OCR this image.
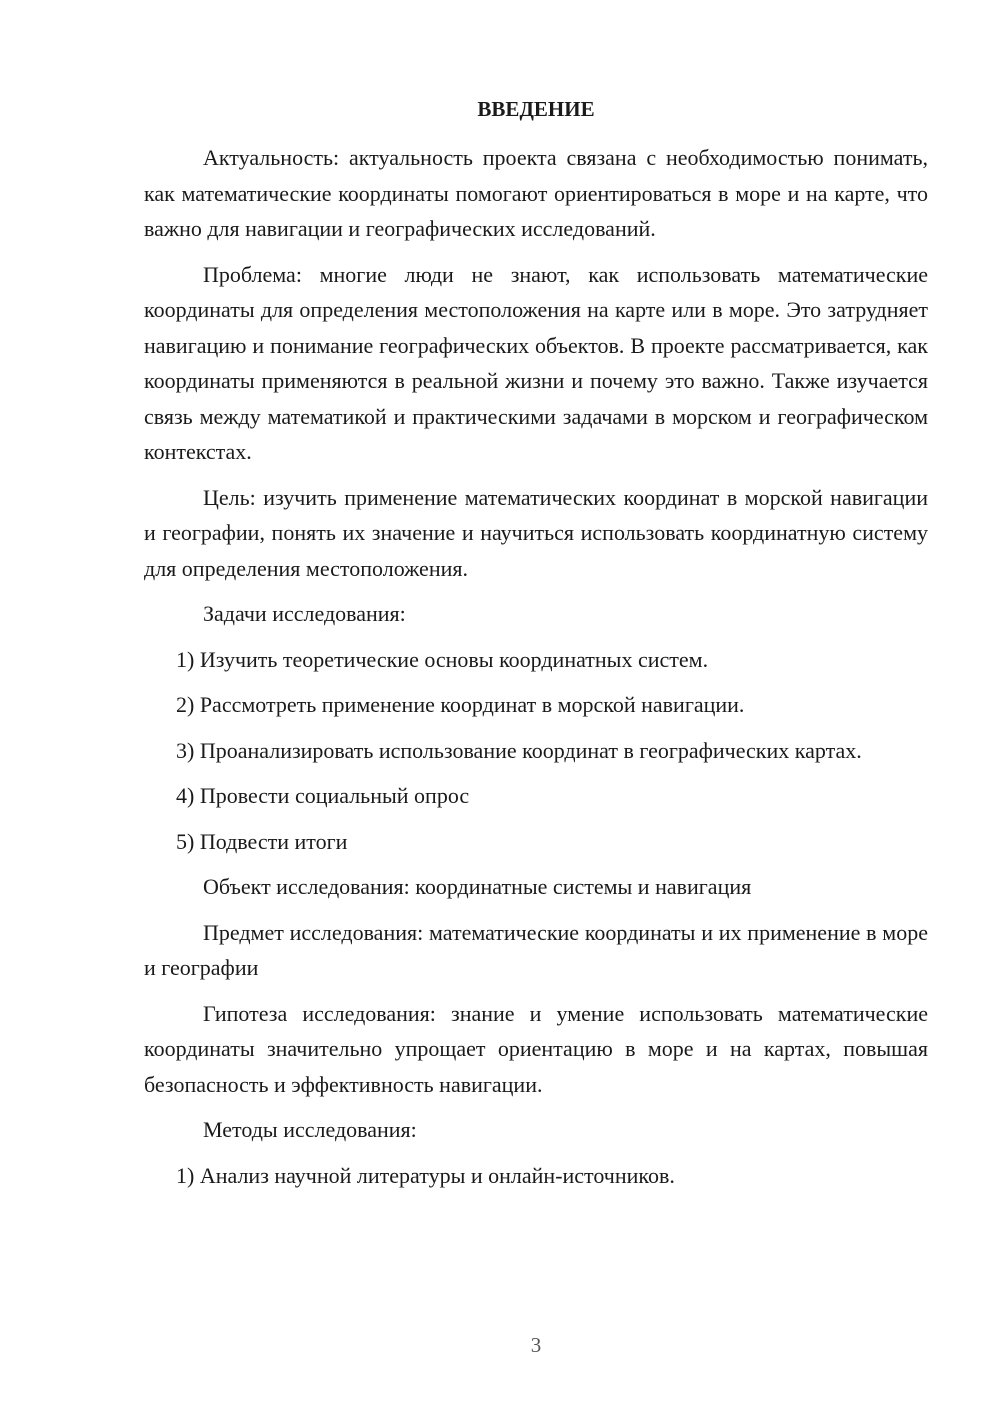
ВВЕДЕНИЕ

Актуальность: актуальность проекта связана с необходимостью понимать, как математические координаты помогают ориентироваться в море и на карте, что важно для навигации и географических исследований.

Проблема: многие люди не знают, как использовать математические координаты для определения местоположения на карте или в море. Это затрудняет навигацию и понимание географических объектов. В проекте рассматривается, как координаты применяются в реальной жизни и почему это важно. Также изучается связь между математикой и практическими задачами в морском и географическом контекстах.

Цель: изучить применение математических координат в морской навигации и географии, понять их значение и научиться использовать координатную систему для определения местоположения.

Задачи исследования:

1) Изучить теоретические основы координатных систем.

2) Рассмотреть применение координат в морской навигации.

3) Проанализировать использование координат в географических картах.

4) Провести социальный опрос

5) Подвести итоги

Объект исследования: координатные системы и навигация

Предмет исследования: математические координаты и их применение в море и географии

Гипотеза исследования: знание и умение использовать математические координаты значительно упрощает ориентацию в море и на картах, повышая безопасность и эффективность навигации.

Методы исследования:

1) Анализ научной литературы и онлайн-источников.

3
